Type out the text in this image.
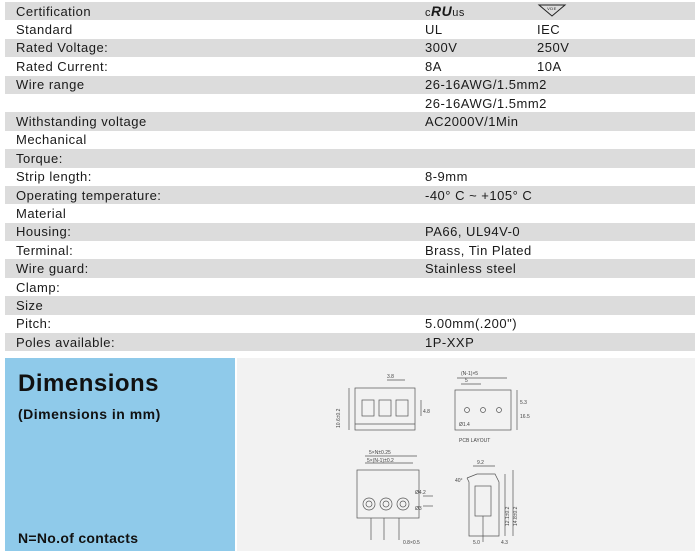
Certification	cRUus	VDE
Standard	UL	IEC
Rated Voltage:	300V	250V
Rated Current:	8A	10A
Wire range	26-16AWG/1.5mm2
26-16AWG/1.5mm2
Withstanding voltage	AC2000V/1Min
Mechanical
Torque:
Strip length:	8-9mm
Operating temperature:	-40° C ~ +105° C
Material
Housing:	PA66, UL94V-0
Terminal:	Brass, Tin Plated
Wire guard:	Stainless steel
Clamp:
Size
Pitch:	5.00mm(.200")
Poles available:	1P-XXP
Dimensions
(Dimensions in mm)
N=No.of contacts
3.8
10.6±0.2	4.8
(N-1)×5
5
5.3
16.5
Ø1.4
PCB LAYOUT
5×N±0.25
5×(N-1)±0.2
Ø4.2
Ø3
0.8×0.5
9.2
40°
12.1±0.2 14.8±0.2
5.0	4.3
